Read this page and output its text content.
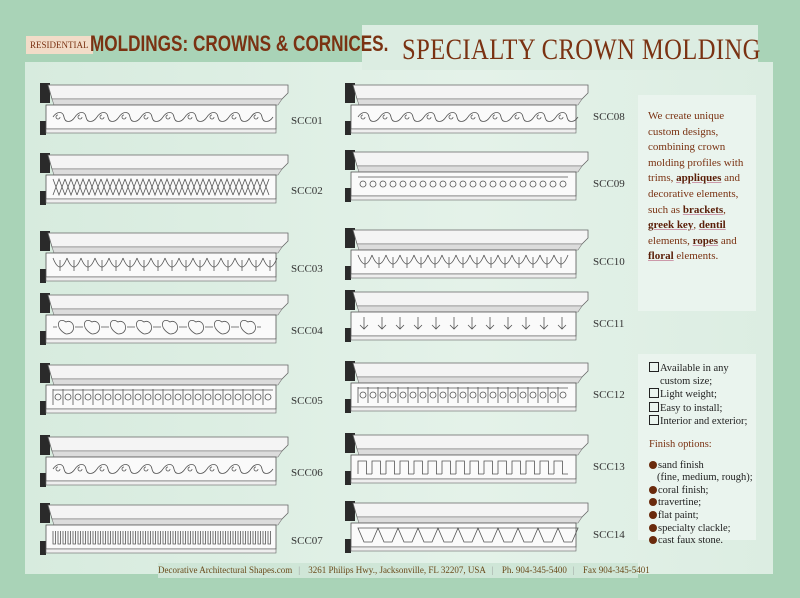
RESIDENTIAL MOLDINGS: CROWNS & CORNICES. SPECIALTY CROWN MOLDING
SCC01
SCC02
SCC03
SCC04
SCC05
SCC06
SCC07
SCC08
SCC09
SCC10
SCC11
SCC12
SCC13
SCC14

We create unique custom designs, combining crown molding profiles with trims, appliques and decorative elements, such as brackets, greek key, dentil elements, ropes and floral elements.

Available in any
custom size;
Light weight;
Easy to install;
Interior and exterior;
Finish options:
sand finish
(fine, medium, rough);
coral finish;
travertine;
flat paint;
specialty clackle;
cast faux stone.
Decorative Architectural Shapes.com | 3261 Philips Hwy., Jacksonville, FL 32207, USA | Ph. 904-345-5400 | Fax 904-345-5401
